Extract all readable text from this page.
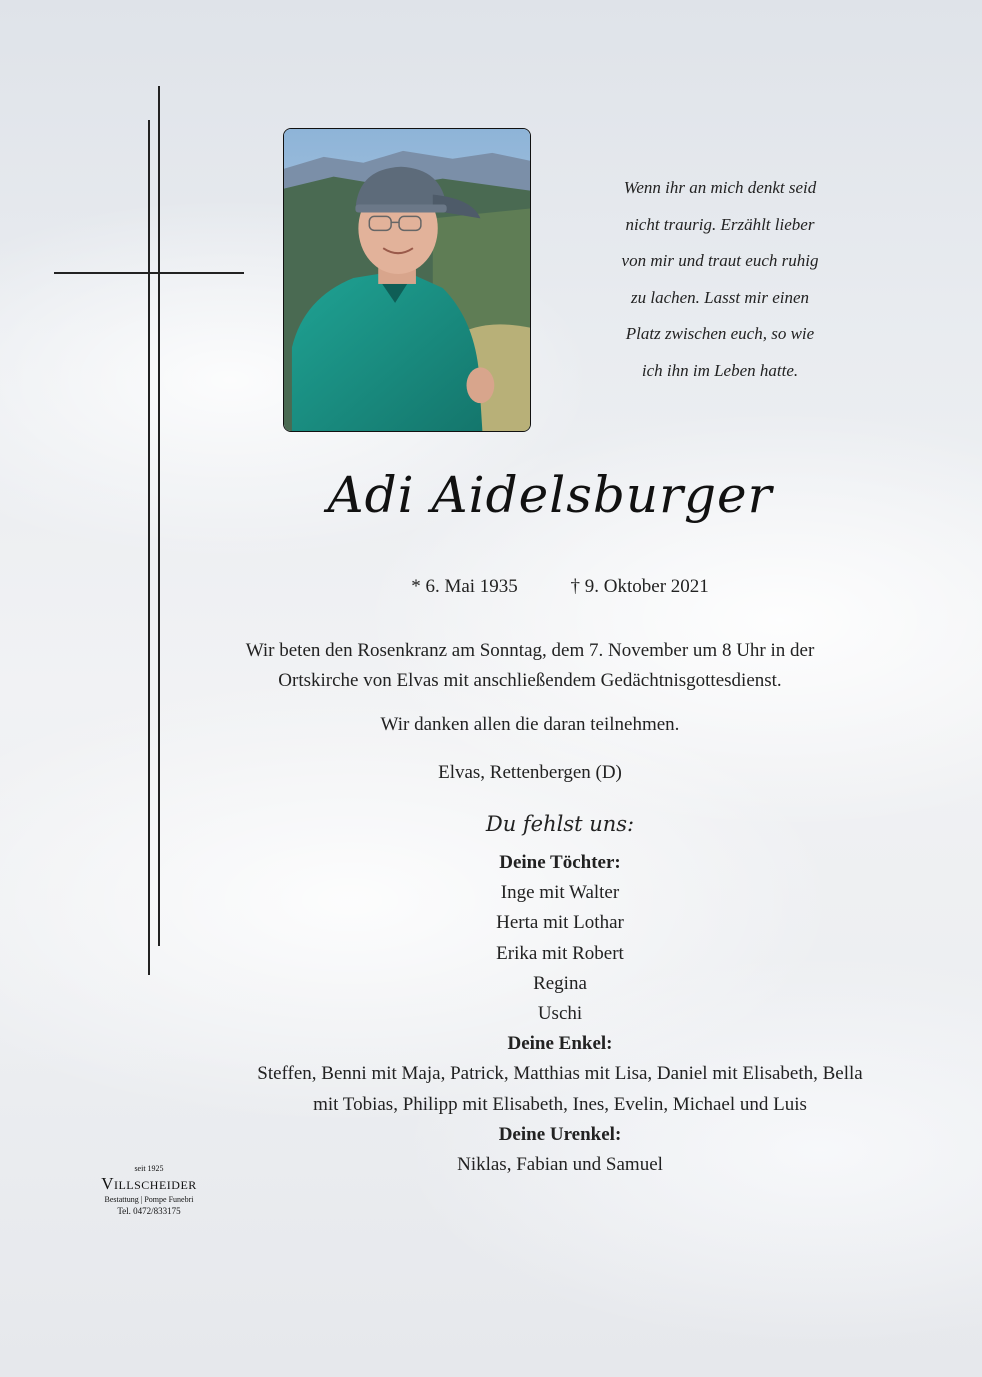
Wenn ihr an mich denkt seid
nicht traurig. Erzählt lieber
von mir und traut euch ruhig
zu lachen. Lasst mir einen
Platz zwischen euch, so wie
ich ihn im Leben hatte.
Adi Aidelsburger
* 6. Mai 1935	† 9. Oktober 2021
Wir beten den Rosenkranz am Sonntag, dem 7. November um 8 Uhr in der
Ortskirche von Elvas mit anschließendem Gedächtnisgottesdienst.
Wir danken allen die daran teilnehmen.
Elvas, Rettenbergen (D)
Du fehlst uns:
Deine Töchter:
Inge mit Walter
Herta mit Lothar
Erika mit Robert
Regina
Uschi
Deine Enkel:
Steffen, Benni mit Maja, Patrick, Matthias mit Lisa, Daniel mit Elisabeth, Bella
mit Tobias, Philipp mit Elisabeth, Ines, Evelin, Michael und Luis
Deine Urenkel:
Niklas, Fabian und Samuel
seit 1925
Villscheider
Bestattung | Pompe Funebri
Tel. 0472/833175
